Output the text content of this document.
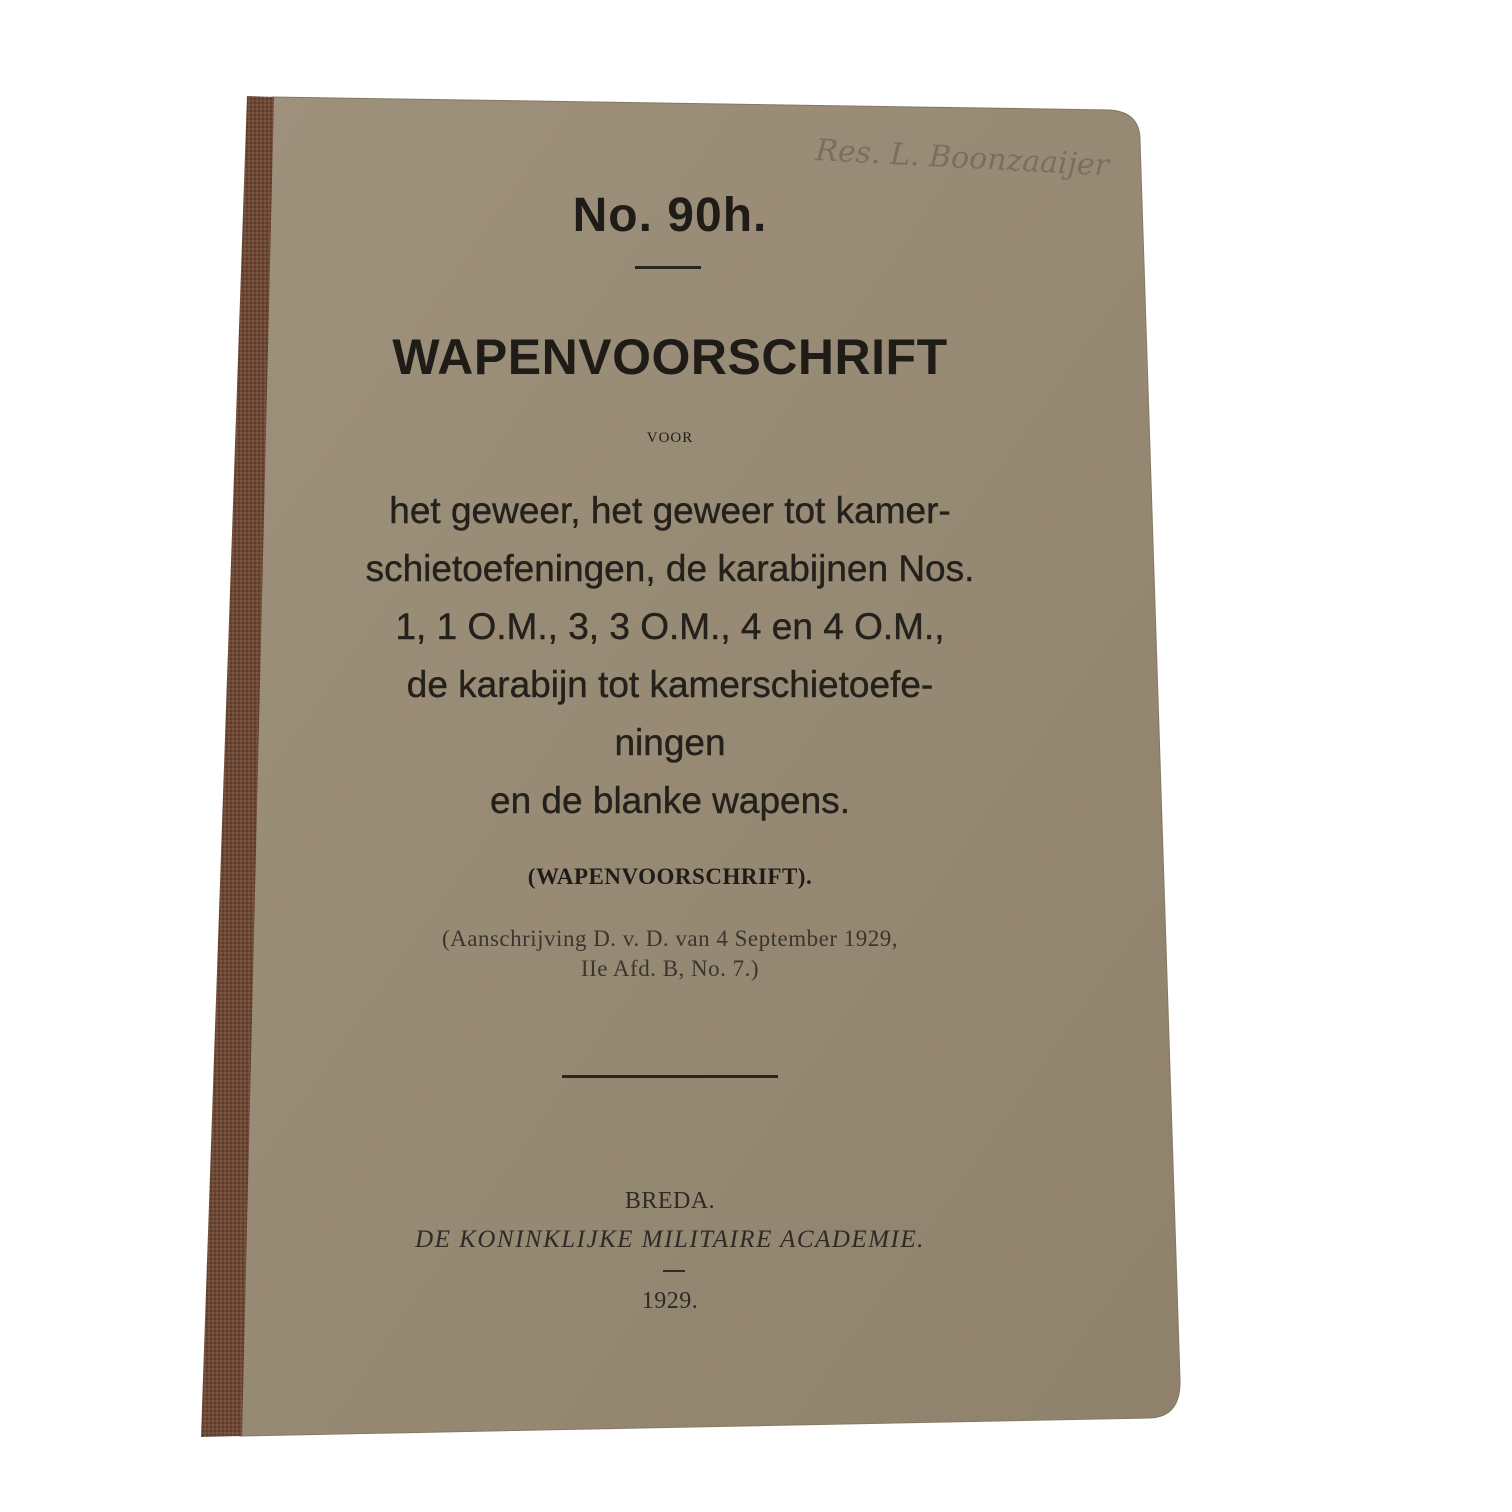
Res. L. Boonzaaijer
No. 90h.
WAPENVOORSCHRIFT
VOOR
het geweer, het geweer tot kamer-
schietoefeningen, de karabijnen Nos.
1, 1 O.M., 3, 3 O.M., 4 en 4 O.M.,
de karabijn tot kamerschietoefe-
ningen
en de blanke wapens.
(WAPENVOORSCHRIFT).
(Aanschrijving D. v. D. van 4 September 1929,
IIe Afd. B, No. 7.)
BREDA.
DE KONINKLIJKE MILITAIRE ACADEMIE.
1929.
